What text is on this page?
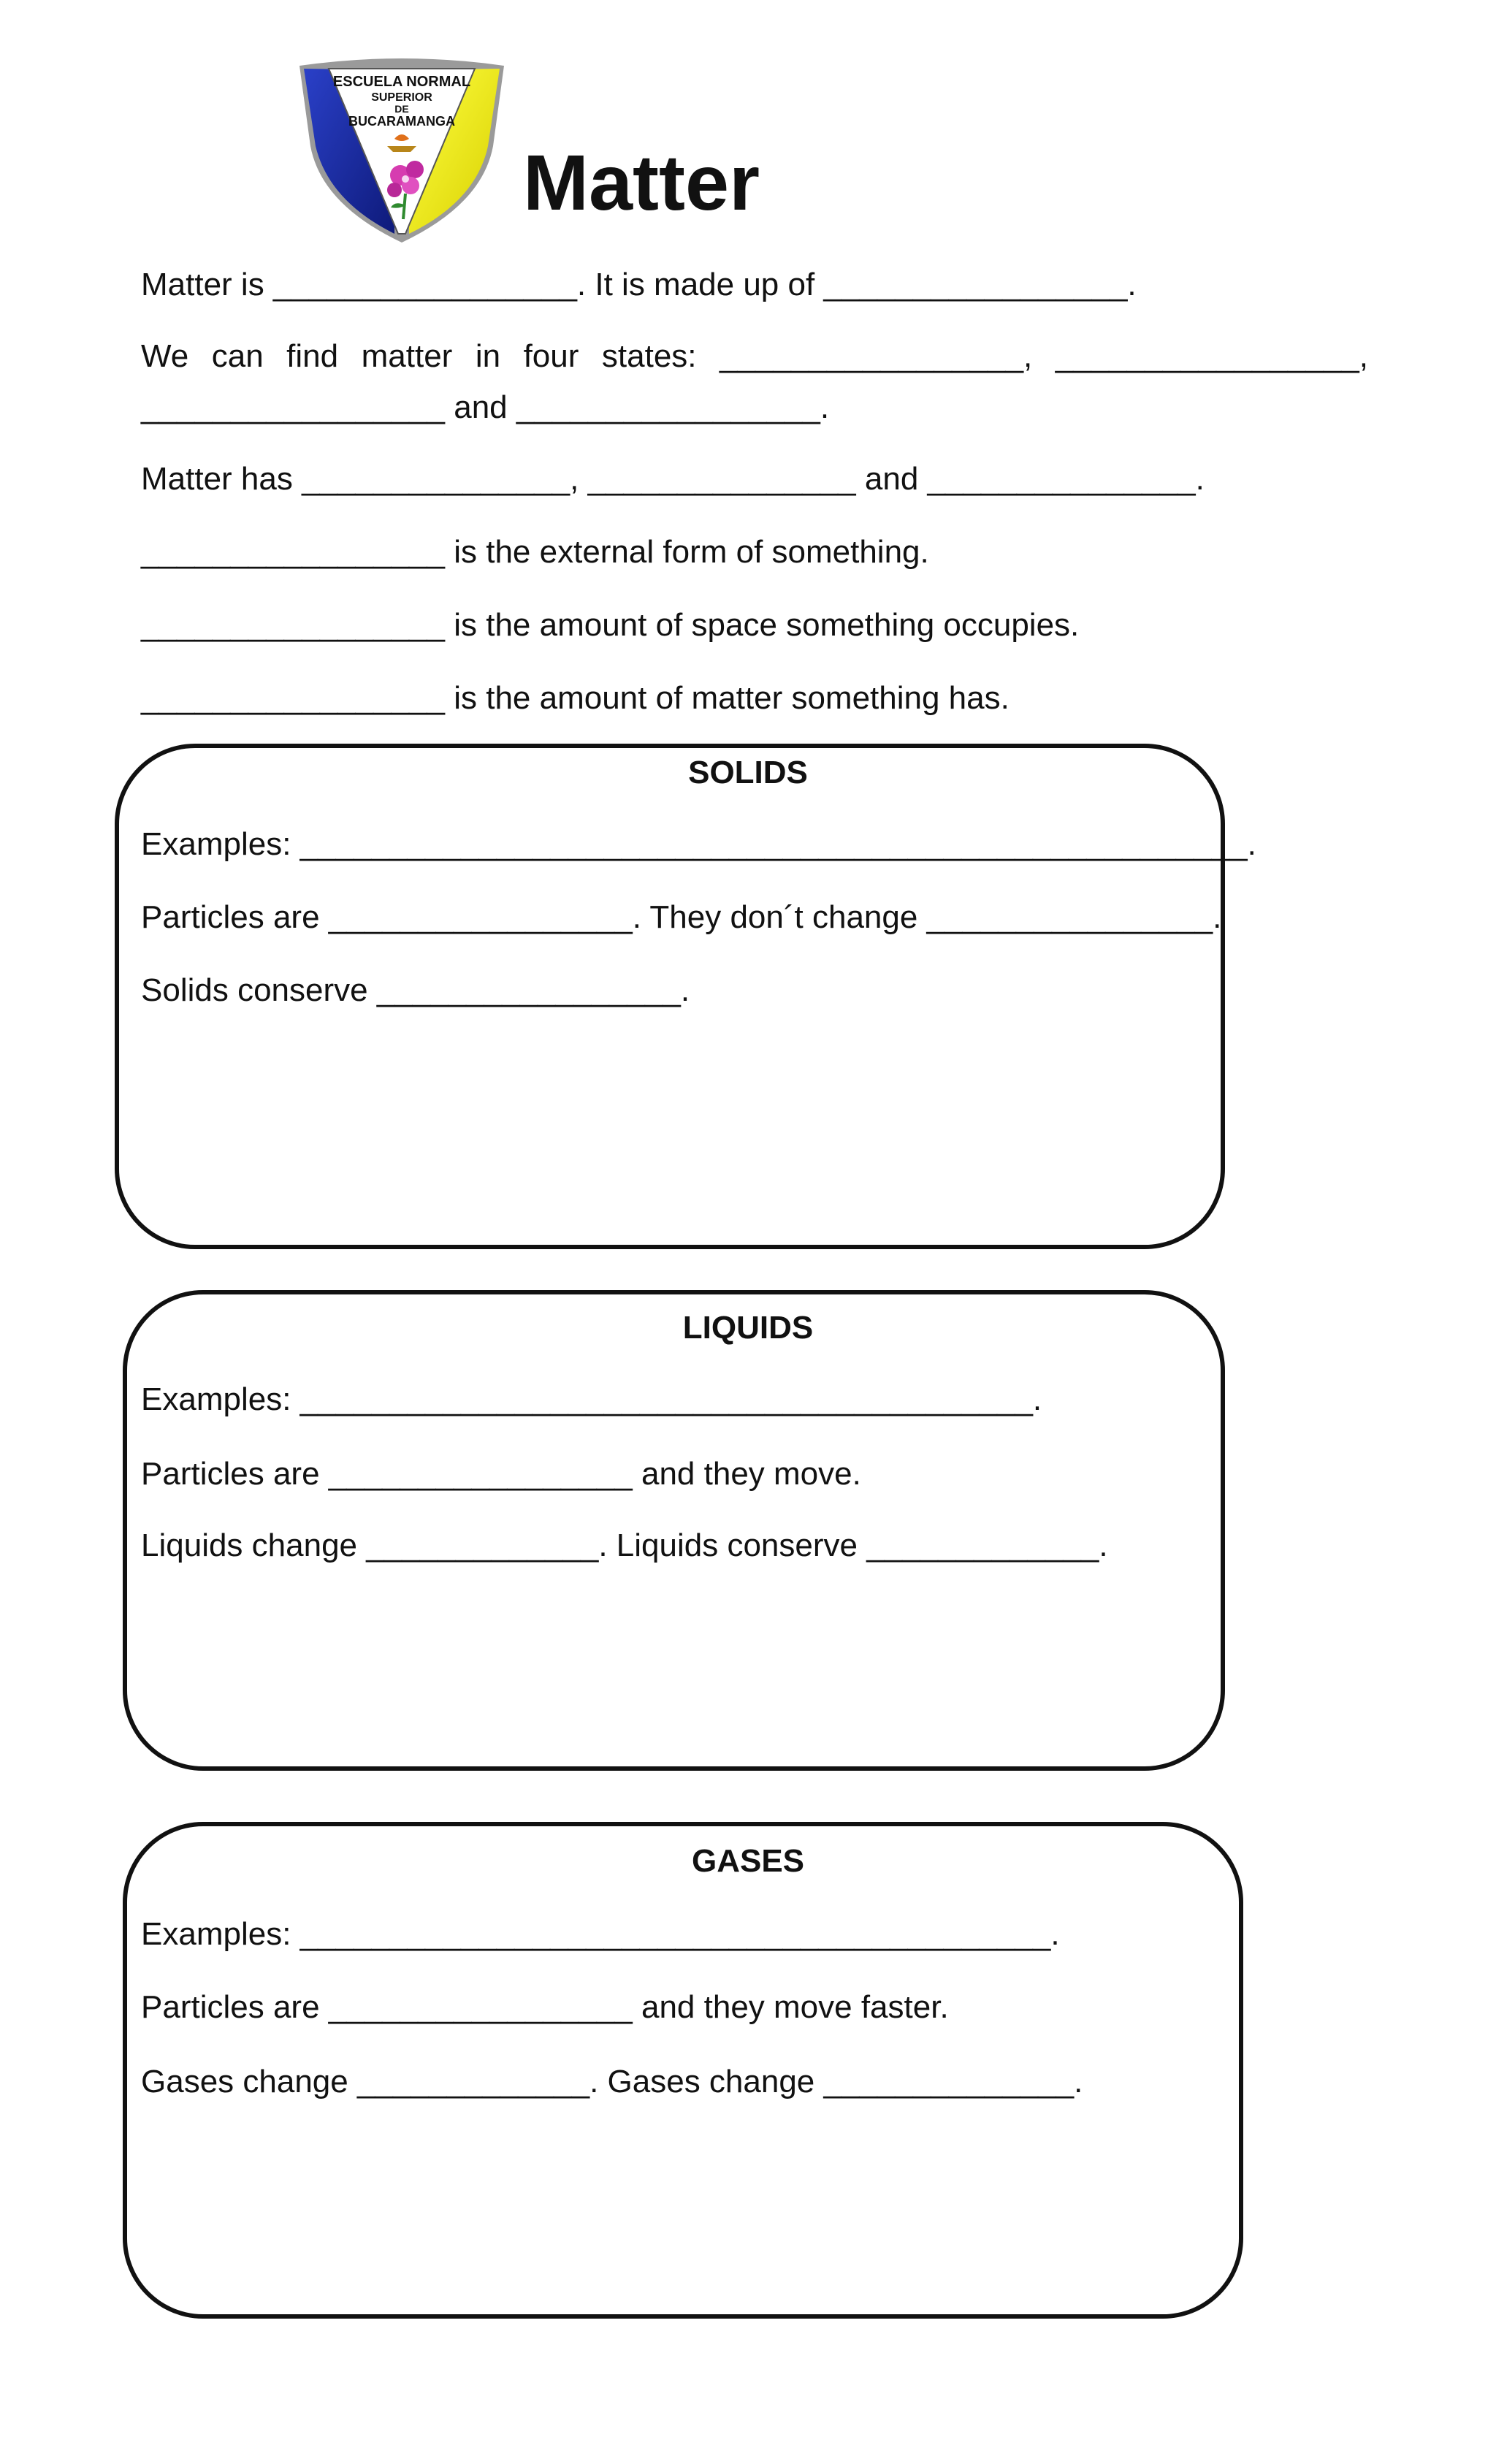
ESCUELA NORMAL
SUPERIOR
DE
BUCARAMANGA
Matter
Matter is _________________. It is made up of _________________.
We can find matter in four states: _________________, _________________,
_________________ and _________________.
Matter has _______________, _______________ and _______________.
_________________ is the external form of something.
_________________ is the amount of space something occupies.
_________________ is the amount of matter something has.
SOLIDS
Examples: _____________________________________________________.
Particles are _________________. They don´t change ________________.
Solids conserve _________________.
LIQUIDS
Examples: _________________________________________.
Particles are _________________ and they move.
Liquids change _____________. Liquids conserve _____________.
GASES
Examples: __________________________________________.
Particles are _________________ and they move faster.
Gases change _____________. Gases change ______________.
